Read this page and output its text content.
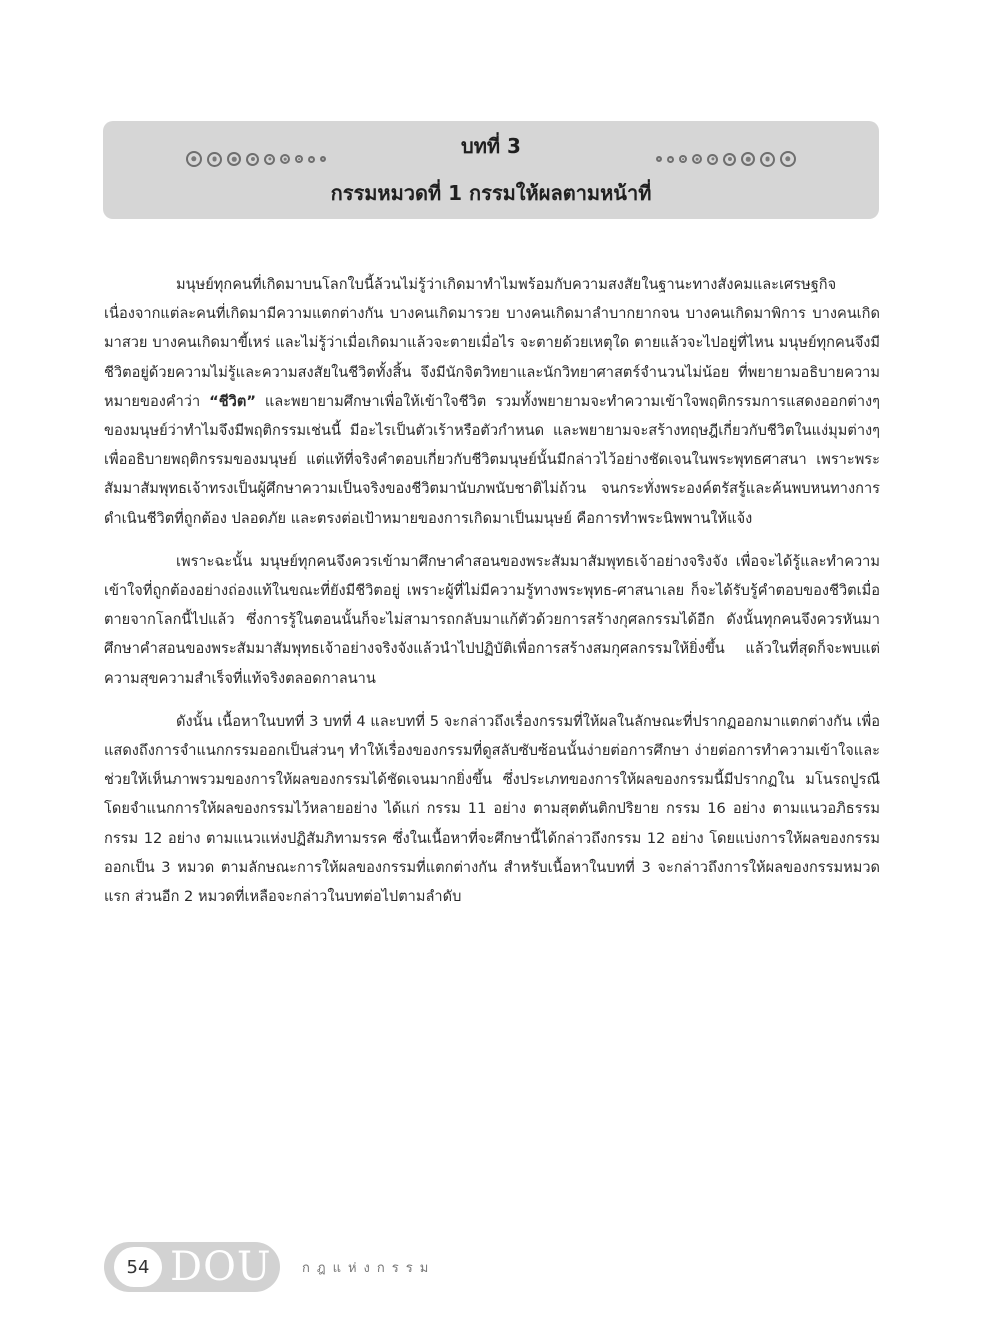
บทที่ 3
กรรมหมวดที่ 1 กรรมให้ผลตามหน้าที่

มนุษย์ทุกคนที่เกิดมาบนโลกใบนี้ล้วนไม่รู้ว่าเกิดมาทำไมพร้อมกับความสงสัยในฐานะทางสังคมและเศรษฐกิจ เนื่องจากแต่ละคนที่เกิดมามีความแตกต่างกัน บางคนเกิดมารวย บางคนเกิดมาลำบากยากจน บางคนเกิดมาพิการ บางคนเกิดมาสวย บางคนเกิดมาขี้เหร่ และไม่รู้ว่าเมื่อเกิดมาแล้วจะตายเมื่อไร จะตายด้วยเหตุใด ตายแล้วจะไปอยู่ที่ไหน มนุษย์ทุกคนจึงมีชีวิตอยู่ด้วยความไม่รู้และความสงสัยในชีวิตทั้งสิ้น จึงมีนักจิตวิทยาและนักวิทยาศาสตร์จำนวนไม่น้อย ที่พยายามอธิบายความหมายของคำว่า “ชีวิต” และพยายามศึกษาเพื่อให้เข้าใจชีวิต รวมทั้งพยายามจะทำความเข้าใจพฤติกรรมการแสดงออกต่างๆ ของมนุษย์ว่าทำไมจึงมีพฤติกรรมเช่นนี้ มีอะไรเป็นตัวเร้าหรือตัวกำหนด และพยายามจะสร้างทฤษฎีเกี่ยวกับชีวิตในแง่มุมต่างๆ เพื่ออธิบายพฤติกรรมของมนุษย์ แต่แท้ที่จริงคำตอบเกี่ยวกับชีวิตมนุษย์นั้นมีกล่าวไว้อย่างชัดเจนในพระพุทธศาสนา เพราะพระสัมมาสัมพุทธเจ้าทรงเป็นผู้ศึกษาความเป็นจริงของชีวิตมานับภพนับชาติไม่ถ้วน จนกระทั่งพระองค์ตรัสรู้และค้นพบหนทางการดำเนินชีวิตที่ถูกต้อง ปลอดภัย และตรงต่อเป้าหมายของการเกิดมาเป็นมนุษย์ คือการทำพระนิพพานให้แจ้ง

เพราะฉะนั้น มนุษย์ทุกคนจึงควรเข้ามาศึกษาคำสอนของพระสัมมาสัมพุทธเจ้าอย่างจริงจัง เพื่อจะได้รู้และทำความเข้าใจที่ถูกต้องอย่างถ่องแท้ในขณะที่ยังมีชีวิตอยู่ เพราะผู้ที่ไม่มีความรู้ทางพระพุทธ-ศาสนาเลย ก็จะได้รับรู้คำตอบของชีวิตเมื่อตายจากโลกนี้ไปแล้ว ซึ่งการรู้ในตอนนั้นก็จะไม่สามารถกลับมาแก้ตัวด้วยการสร้างกุศลกรรมได้อีก ดังนั้นทุกคนจึงควรหันมาศึกษาคำสอนของพระสัมมาสัมพุทธเจ้าอย่างจริงจังแล้วนำไปปฏิบัติเพื่อการสร้างสมกุศลกรรมให้ยิ่งขึ้น แล้วในที่สุดก็จะพบแต่ความสุขความสำเร็จที่แท้จริงตลอดกาลนาน

ดังนั้น เนื้อหาในบทที่ 3 บทที่ 4 และบทที่ 5 จะกล่าวถึงเรื่องกรรมที่ให้ผลในลักษณะที่ปรากฏออกมาแตกต่างกัน เพื่อแสดงถึงการจำแนกกรรมออกเป็นส่วนๆ ทำให้เรื่องของกรรมที่ดูสลับซับซ้อนนั้นง่ายต่อการศึกษา ง่ายต่อการทำความเข้าใจและช่วยให้เห็นภาพรวมของการให้ผลของกรรมได้ชัดเจนมากยิ่งขึ้น ซึ่งประเภทของการให้ผลของกรรมนี้มีปรากฏใน มโนรถปูรณี โดยจำแนกการให้ผลของกรรมไว้หลายอย่าง ได้แก่ กรรม 11 อย่าง ตามสุตตันติกปริยาย กรรม 16 อย่าง ตามแนวอภิธรรม กรรม 12 อย่าง ตามแนวแห่งปฏิสัมภิทามรรค ซึ่งในเนื้อหาที่จะศึกษานี้ได้กล่าวถึงกรรม 12 อย่าง โดยแบ่งการให้ผลของกรรมออกเป็น 3 หมวด ตามลักษณะการให้ผลของกรรมที่แตกต่างกัน สำหรับเนื้อหาในบทที่ 3 จะกล่าวถึงการให้ผลของกรรมหมวดแรก ส่วนอีก 2 หมวดที่เหลือจะกล่าวในบทต่อไปตามลำดับ

54 DOU กฎแห่งกรรม
